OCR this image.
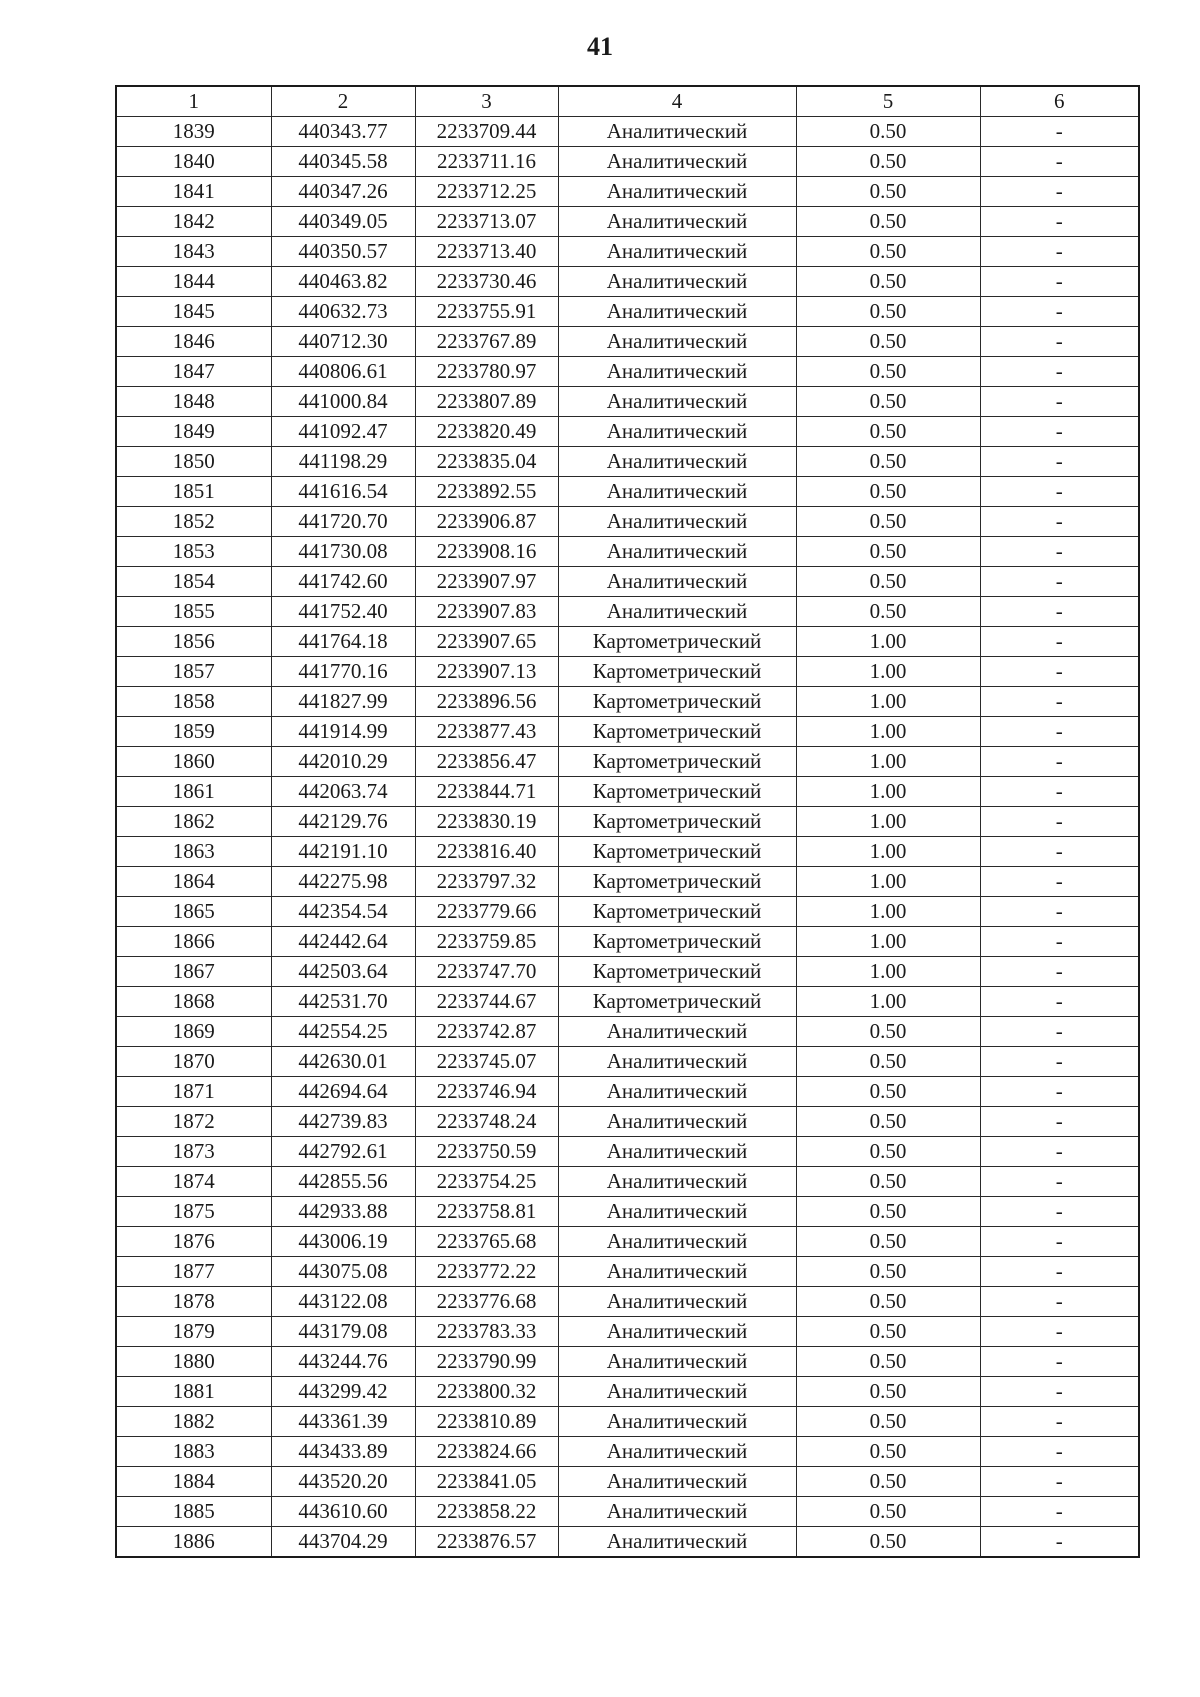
41
1	2	3	4	5	6
1839	440343.77	2233709.44	Аналитический	0.50	-
1840	440345.58	2233711.16	Аналитический	0.50	-
1841	440347.26	2233712.25	Аналитический	0.50	-
1842	440349.05	2233713.07	Аналитический	0.50	-
1843	440350.57	2233713.40	Аналитический	0.50	-
1844	440463.82	2233730.46	Аналитический	0.50	-
1845	440632.73	2233755.91	Аналитический	0.50	-
1846	440712.30	2233767.89	Аналитический	0.50	-
1847	440806.61	2233780.97	Аналитический	0.50	-
1848	441000.84	2233807.89	Аналитический	0.50	-
1849	441092.47	2233820.49	Аналитический	0.50	-
1850	441198.29	2233835.04	Аналитический	0.50	-
1851	441616.54	2233892.55	Аналитический	0.50	-
1852	441720.70	2233906.87	Аналитический	0.50	-
1853	441730.08	2233908.16	Аналитический	0.50	-
1854	441742.60	2233907.97	Аналитический	0.50	-
1855	441752.40	2233907.83	Аналитический	0.50	-
1856	441764.18	2233907.65	Картометрический	1.00	-
1857	441770.16	2233907.13	Картометрический	1.00	-
1858	441827.99	2233896.56	Картометрический	1.00	-
1859	441914.99	2233877.43	Картометрический	1.00	-
1860	442010.29	2233856.47	Картометрический	1.00	-
1861	442063.74	2233844.71	Картометрический	1.00	-
1862	442129.76	2233830.19	Картометрический	1.00	-
1863	442191.10	2233816.40	Картометрический	1.00	-
1864	442275.98	2233797.32	Картометрический	1.00	-
1865	442354.54	2233779.66	Картометрический	1.00	-
1866	442442.64	2233759.85	Картометрический	1.00	-
1867	442503.64	2233747.70	Картометрический	1.00	-
1868	442531.70	2233744.67	Картометрический	1.00	-
1869	442554.25	2233742.87	Аналитический	0.50	-
1870	442630.01	2233745.07	Аналитический	0.50	-
1871	442694.64	2233746.94	Аналитический	0.50	-
1872	442739.83	2233748.24	Аналитический	0.50	-
1873	442792.61	2233750.59	Аналитический	0.50	-
1874	442855.56	2233754.25	Аналитический	0.50	-
1875	442933.88	2233758.81	Аналитический	0.50	-
1876	443006.19	2233765.68	Аналитический	0.50	-
1877	443075.08	2233772.22	Аналитический	0.50	-
1878	443122.08	2233776.68	Аналитический	0.50	-
1879	443179.08	2233783.33	Аналитический	0.50	-
1880	443244.76	2233790.99	Аналитический	0.50	-
1881	443299.42	2233800.32	Аналитический	0.50	-
1882	443361.39	2233810.89	Аналитический	0.50	-
1883	443433.89	2233824.66	Аналитический	0.50	-
1884	443520.20	2233841.05	Аналитический	0.50	-
1885	443610.60	2233858.22	Аналитический	0.50	-
1886	443704.29	2233876.57	Аналитический	0.50	-
